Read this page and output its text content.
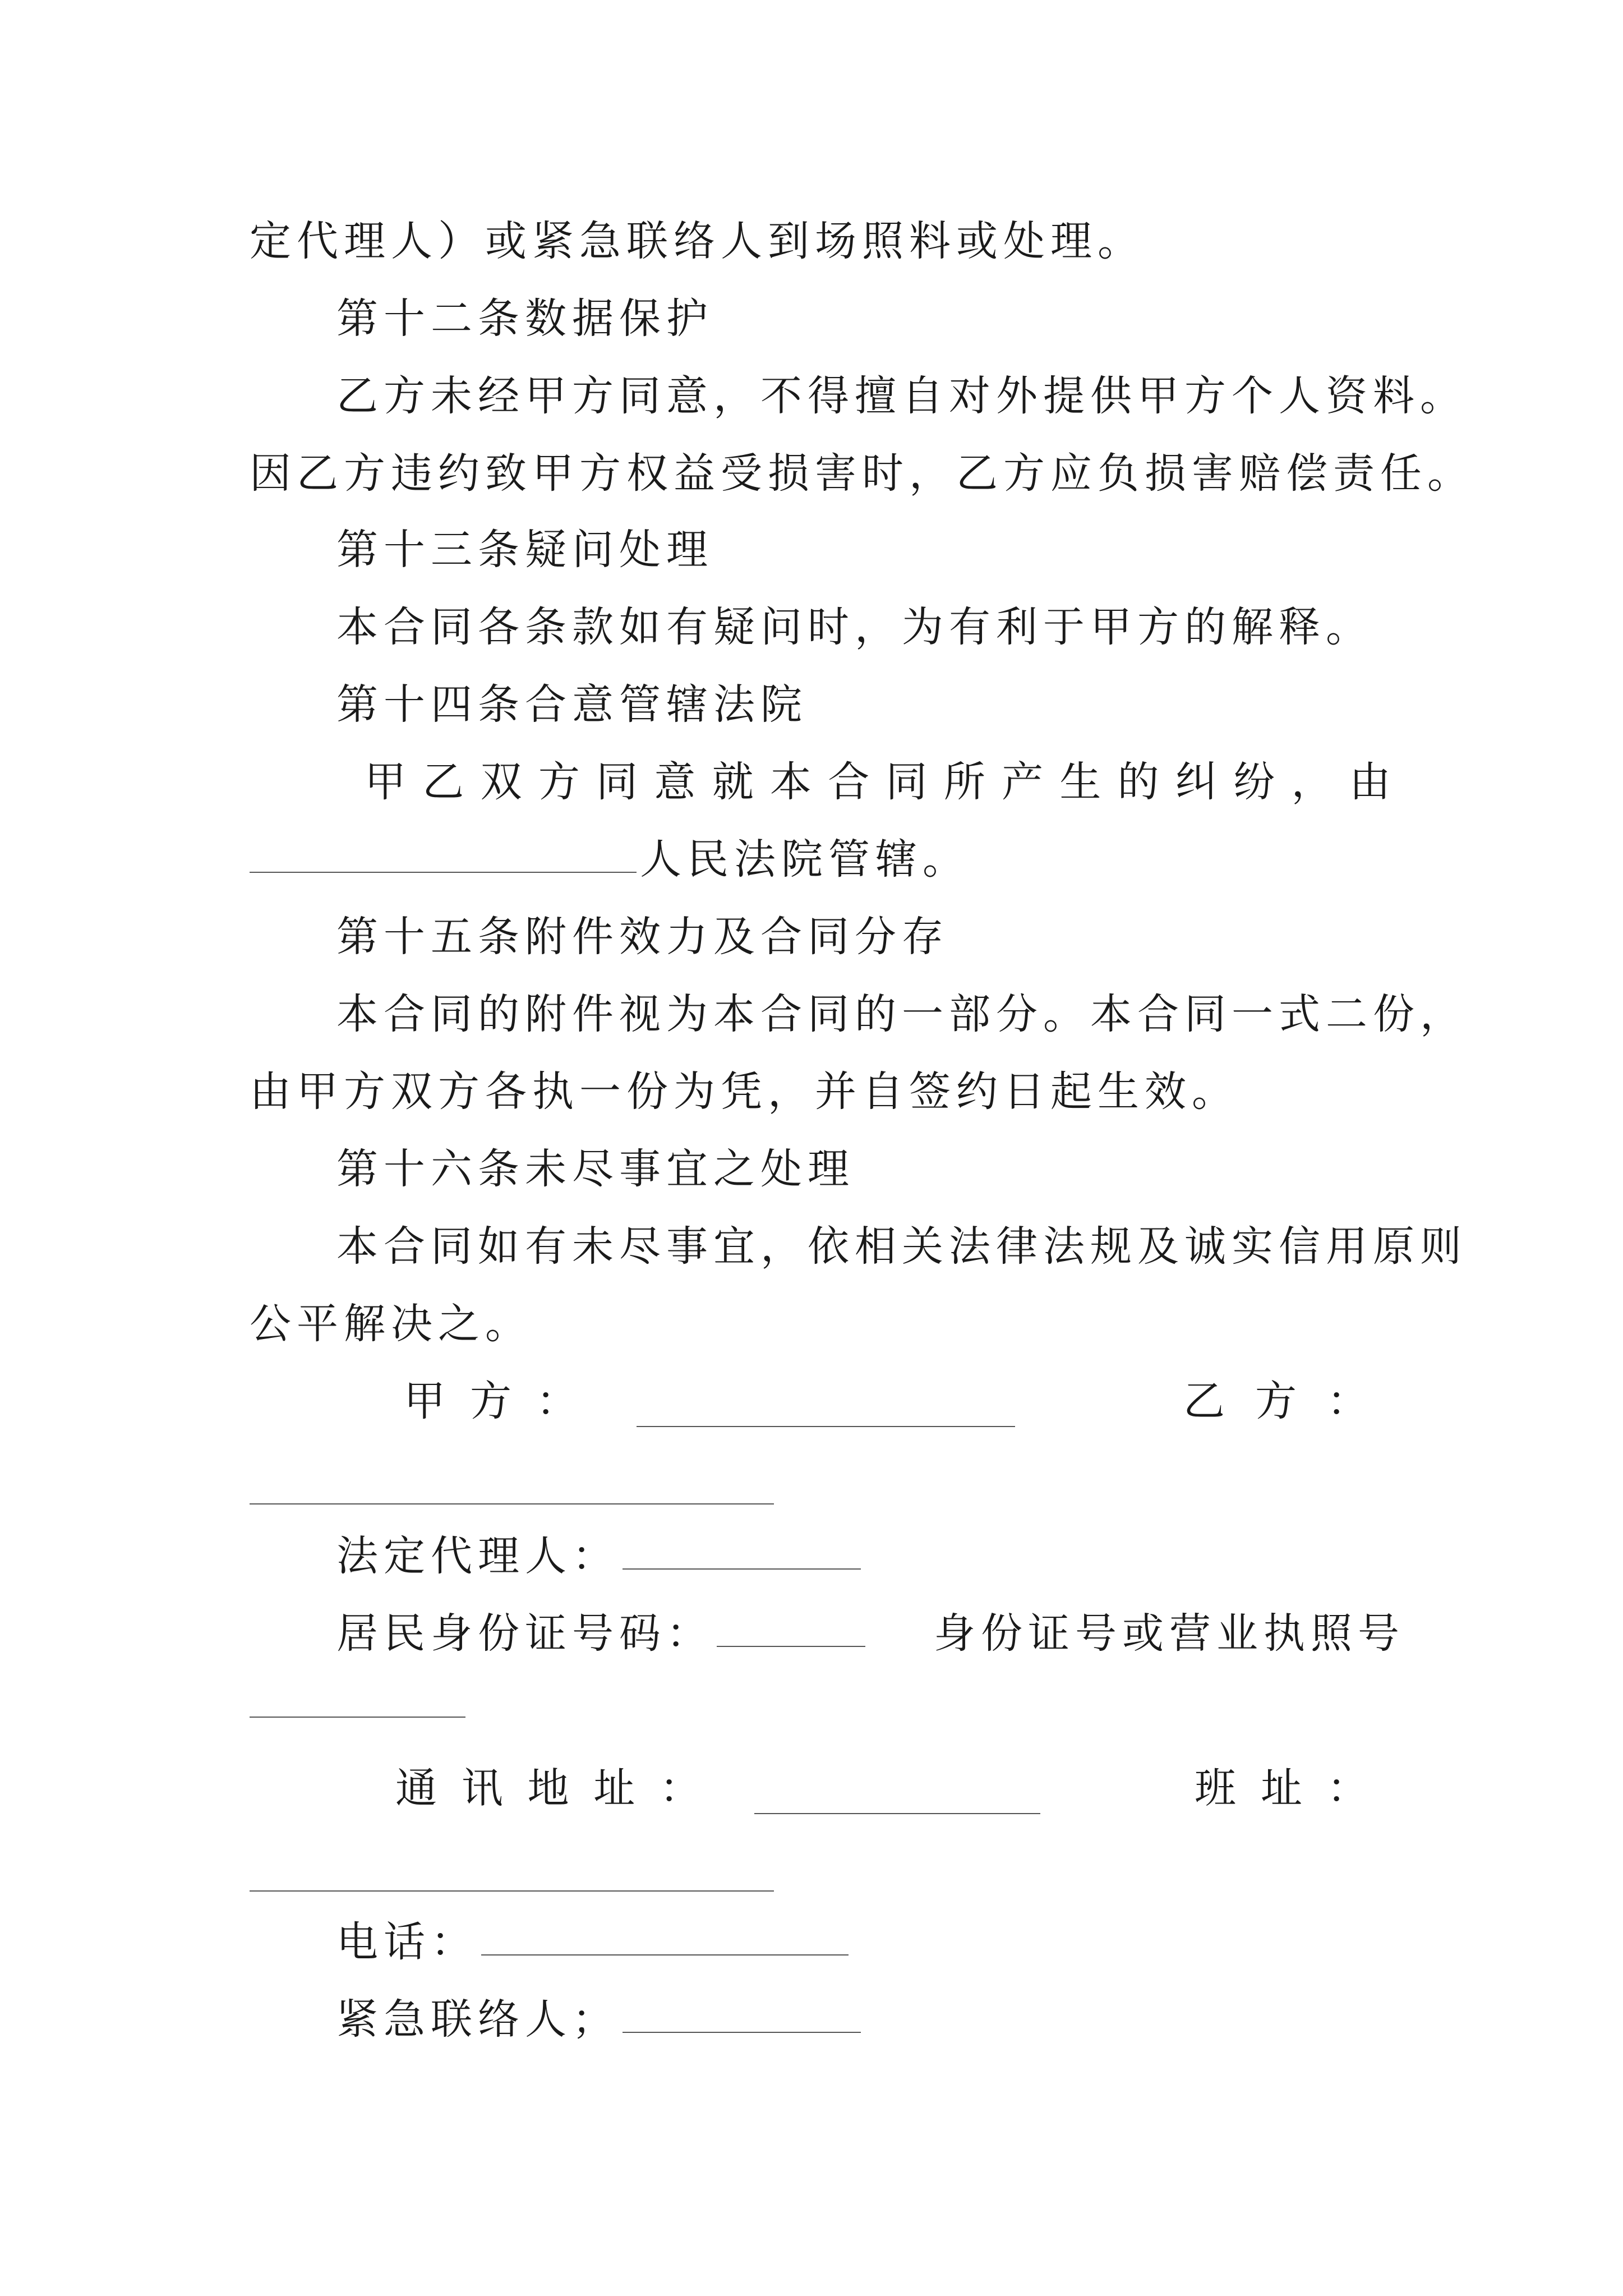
定代理人）或紧急联络人到场照料或处理。
第十二条数据保护
乙方未经甲方同意，不得擅自对外提供甲方个人资料。
因乙方违约致甲方权益受损害时，乙方应负损害赔偿责任。
第十三条疑问处理
本合同各条款如有疑问时，为有利于甲方的解释。
第十四条合意管辖法院
甲 乙 双 方 同 意 就 本 合 同 所 产 生 的 纠 纷 ， 由
人民法院管辖。
第十五条附件效力及合同分存
本合同的附件视为本合同的一部分。本合同一式二份，
由甲方双方各执一份为凭，并自签约日起生效。
第十六条未尽事宜之处理
本合同如有未尽事宜，依相关法律法规及诚实信用原则
公平解决之。
甲 方 ：	乙 方 ：
法定代理人：
居民身份证号码：	身份证号或营业执照号
通 讯 地 址 ：	班 址 ：
电话：
紧急联络人；
